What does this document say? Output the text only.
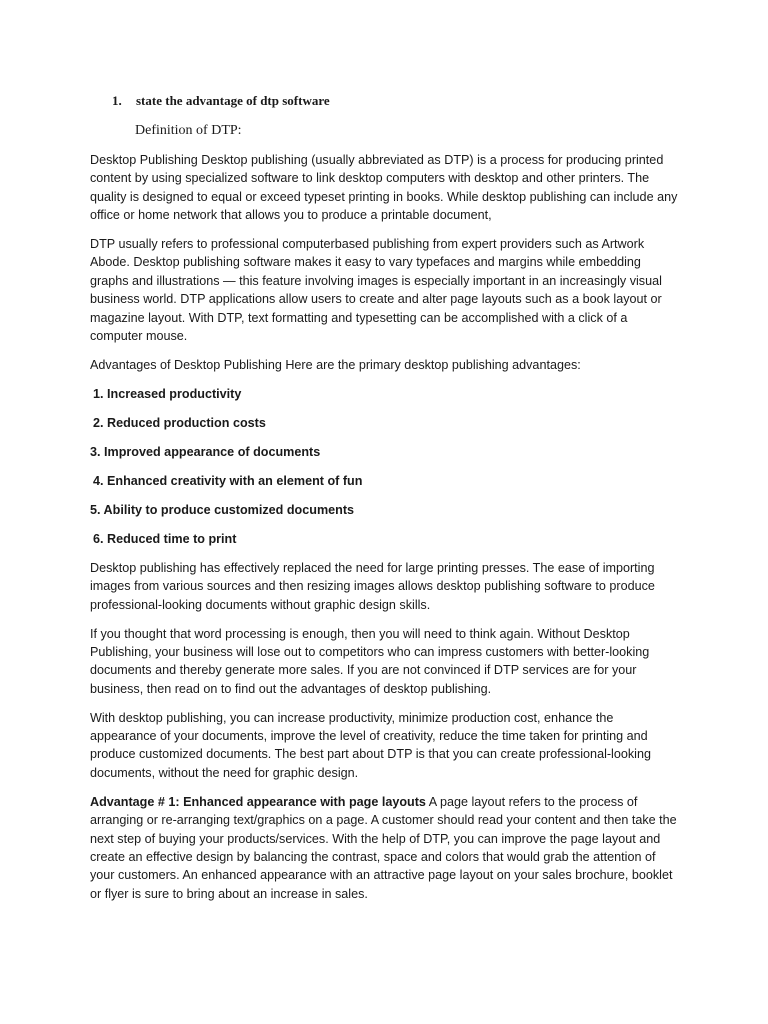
1.	state the advantage of dtp software
Definition of DTP:

Desktop Publishing Desktop publishing (usually abbreviated as DTP) is a process for producing printed content by using specialized software to link desktop computers with desktop and other printers. The quality is designed to equal or exceed typeset printing in books. While desktop publishing can include any office or home network that allows you to produce a printable document,

DTP usually refers to professional computerbased publishing from expert providers such as Artwork Abode. Desktop publishing software makes it easy to vary typefaces and margins while embedding graphs and illustrations — this feature involving images is especially important in an increasingly visual business world. DTP applications allow users to create and alter page layouts such as a book layout or magazine layout. With DTP, text formatting and typesetting can be accomplished with a click of a computer mouse.

Advantages of Desktop Publishing Here are the primary desktop publishing advantages:

1. Increased productivity
2. Reduced production costs
3. Improved appearance of documents
4. Enhanced creativity with an element of fun
5. Ability to produce customized documents
6. Reduced time to print

Desktop publishing has effectively replaced the need for large printing presses. The ease of importing images from various sources and then resizing images allows desktop publishing software to produce professional-looking documents without graphic design skills.

If you thought that word processing is enough, then you will need to think again. Without Desktop Publishing, your business will lose out to competitors who can impress customers with better-looking documents and thereby generate more sales. If you are not convinced if DTP services are for your business, then read on to find out the advantages of desktop publishing.

With desktop publishing, you can increase productivity, minimize production cost, enhance the appearance of your documents, improve the level of creativity, reduce the time taken for printing and produce customized documents. The best part about DTP is that you can create professional-looking documents, without the need for graphic design.

Advantage # 1: Enhanced appearance with page layouts A page layout refers to the process of arranging or re-arranging text/graphics on a page. A customer should read your content and then take the next step of buying your products/services. With the help of DTP, you can improve the page layout and create an effective design by balancing the contrast, space and colors that would grab the attention of your customers. An enhanced appearance with an attractive page layout on your sales brochure, booklet or flyer is sure to bring about an increase in sales.
